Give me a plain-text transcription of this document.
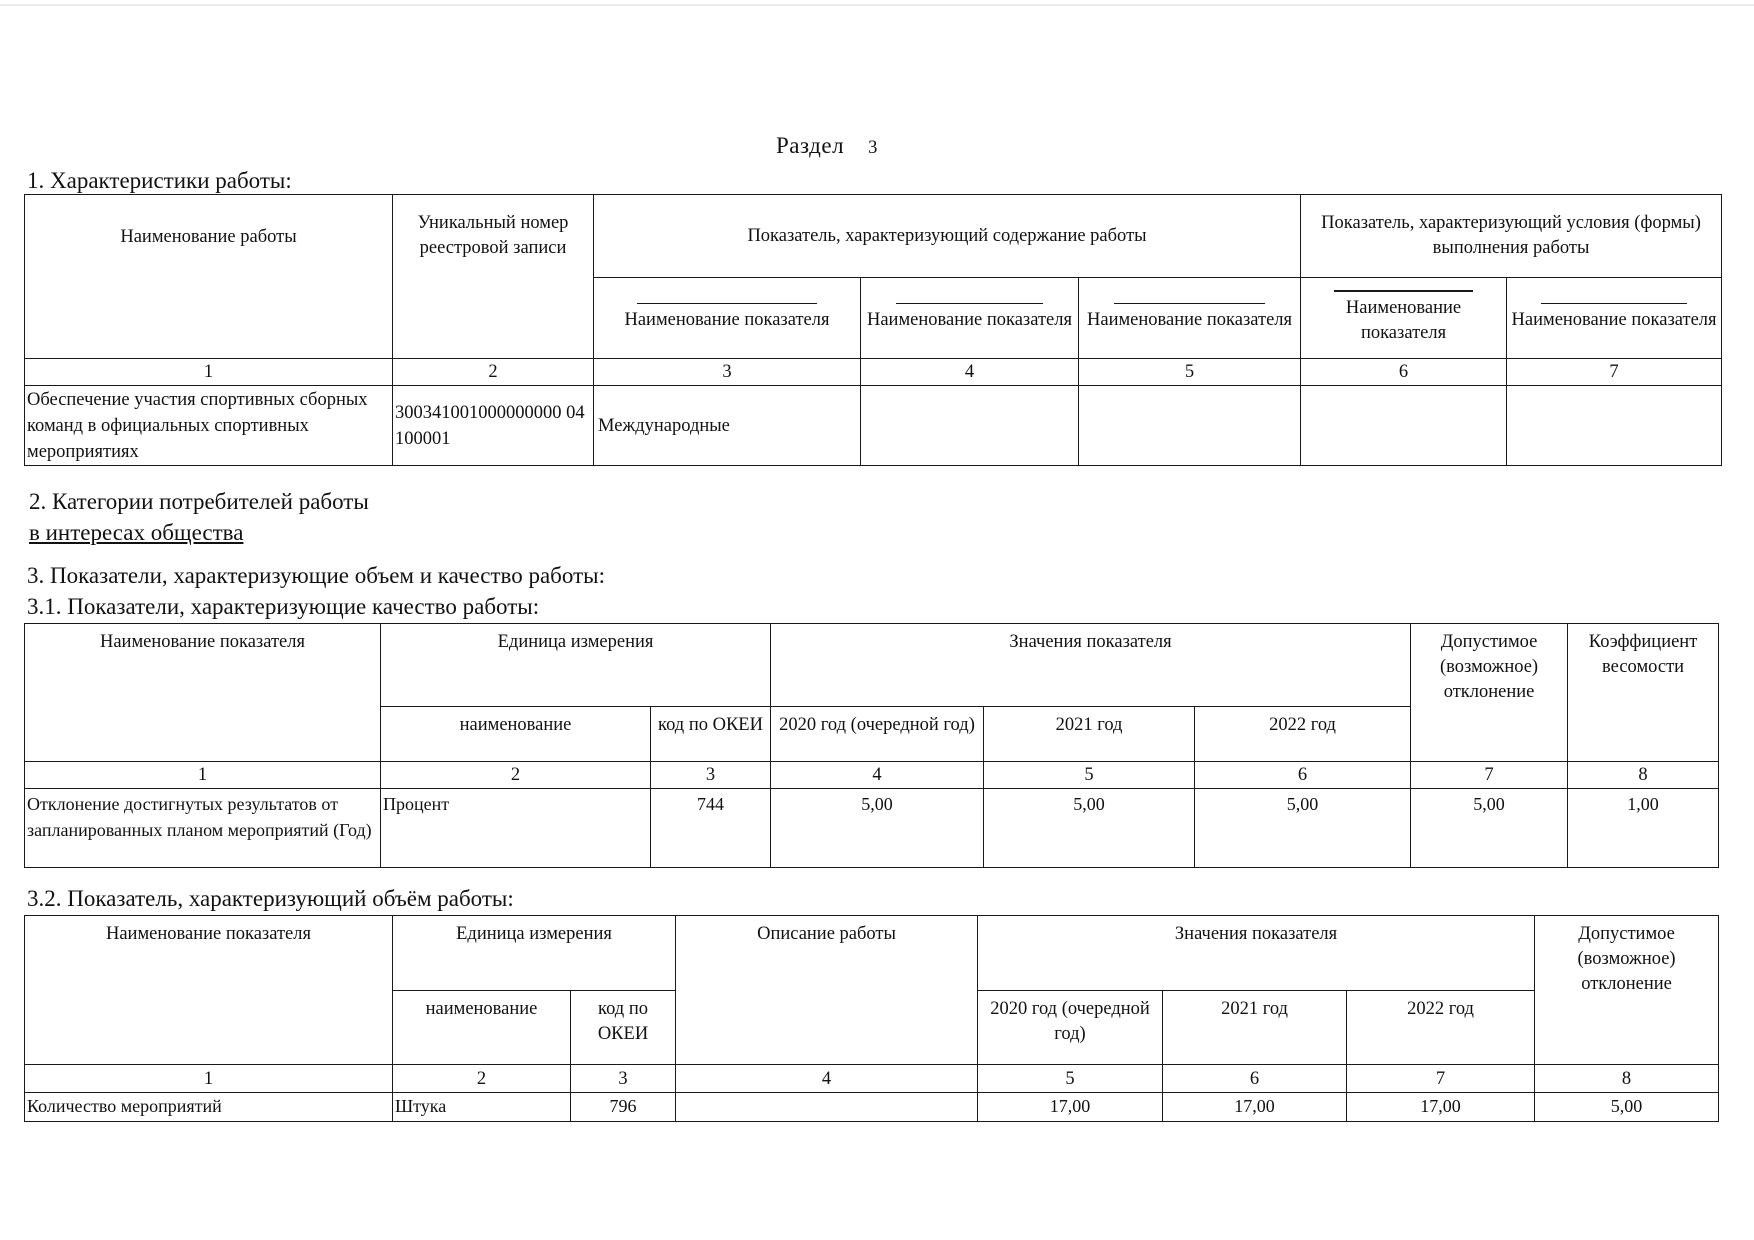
Раздел 3
1. Характеристики работы:
Наименование работы	Уникальный номер реестровой записи	Показатель, характеризующий содержание работы			Показатель, характеризующий условия (формы) выполнения работы	

		Наименование показателя	Наименование показателя	Наименование показателя	Наименование показателя	Наименование показателя

1	2	3	4	5	6	7
Обеспечение участия спортивных сборных команд в официальных спортивных мероприятиях	300341001000000000 04100001	Международные				
2. Категории потребителей работы
в интересах общества
3. Показатели, характеризующие объем и качество работы:
3.1. Показатели, характеризующие качество работы:
Наименование показателя	Единица измерения		Значения показателя			Допустимое (возможное) отклонение	Коэффициент весомости
	наименование	код по ОКЕИ	2020 год (очередной год)	2021 год	2022 год		
1	2	3	4	5	6	7	8
Отклонение достигнутых результатов от запланированных планом мероприятий (Год)	Процент	744	5,00	5,00	5,00	5,00	1,00
3.2. Показатель, характеризующий объём работы:
Наименование показателя	Единица измерения		Описание работы	Значения показателя			Допустимое (возможное) отклонение
	наименование	код по ОКЕИ		2020 год (очередной год)	2021 год	2022 год	
1	2	3	4	5	6	7	8
Количество мероприятий	Штука	796		17,00	17,00	17,00	5,00
